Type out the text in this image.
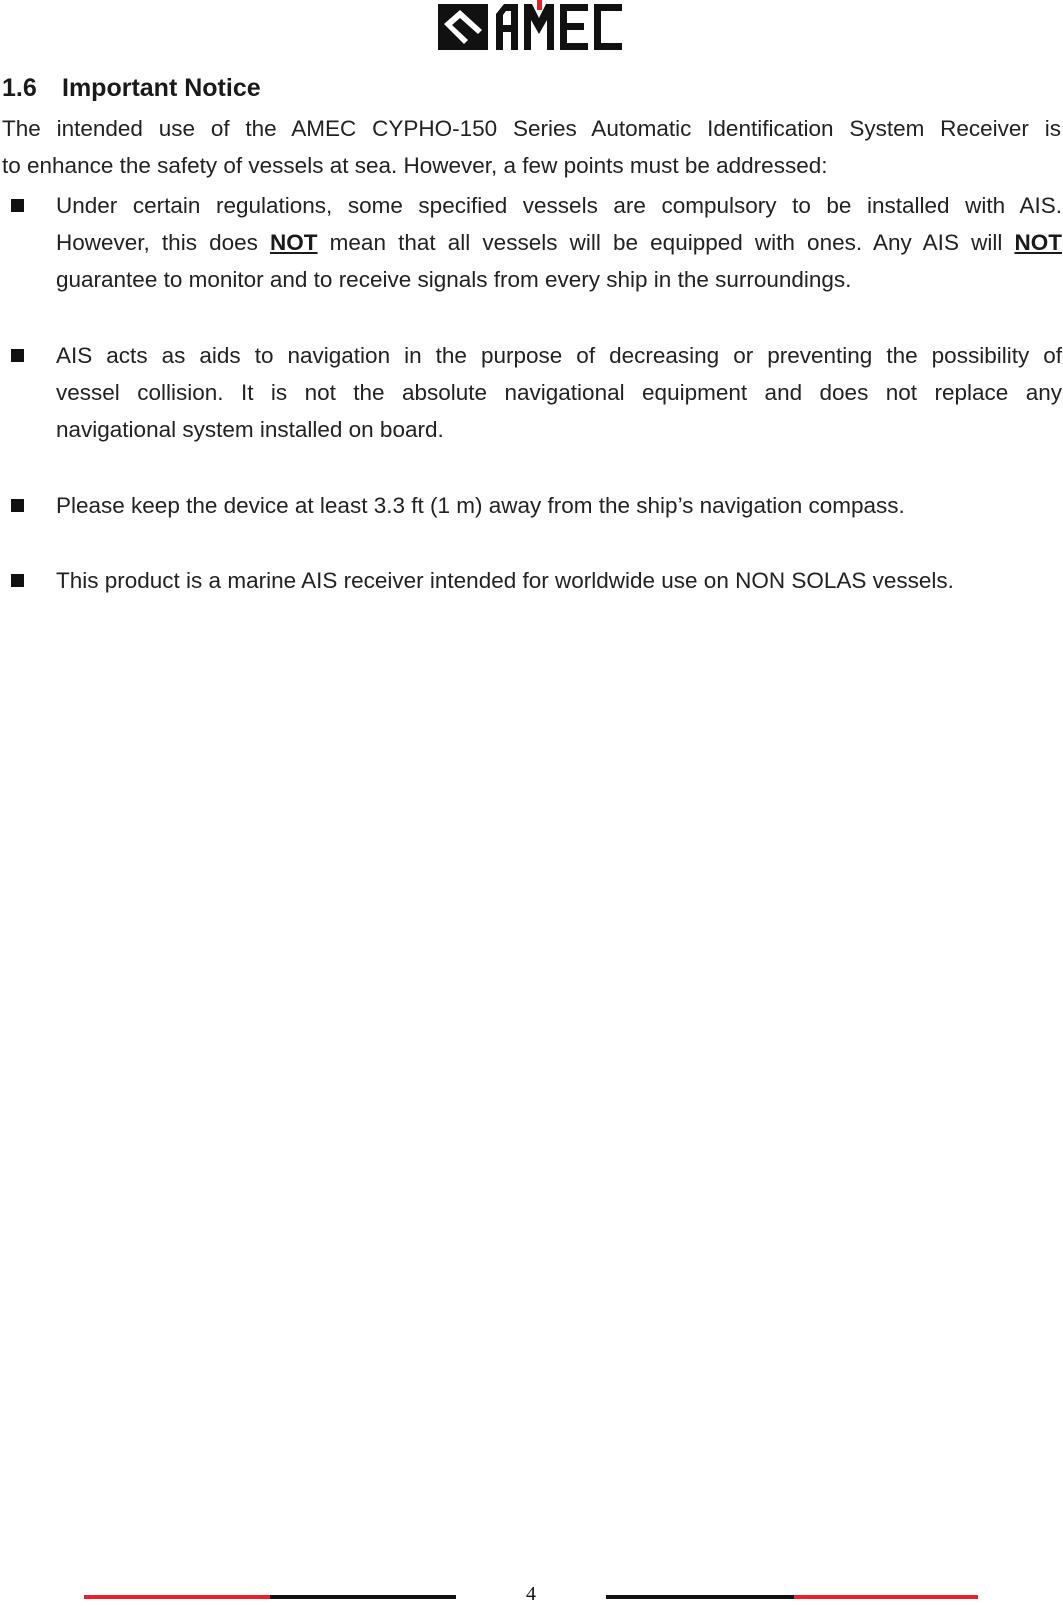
1.6 Important Notice
The intended use of the AMEC CYPHO-150 Series Automatic Identification System Receiver is
to enhance the safety of vessels at sea. However, a few points must be addressed:
Under certain regulations, some specified vessels are compulsory to be installed with AIS.
However, this does NOT mean that all vessels will be equipped with ones. Any AIS will NOT
guarantee to monitor and to receive signals from every ship in the surroundings.
AIS acts as aids to navigation in the purpose of decreasing or preventing the possibility of
vessel collision. It is not the absolute navigational equipment and does not replace any
navigational system installed on board.
Please keep the device at least 3.3 ft (1 m) away from the ship’s navigation compass.
This product is a marine AIS receiver intended for worldwide use on NON SOLAS vessels.
4
